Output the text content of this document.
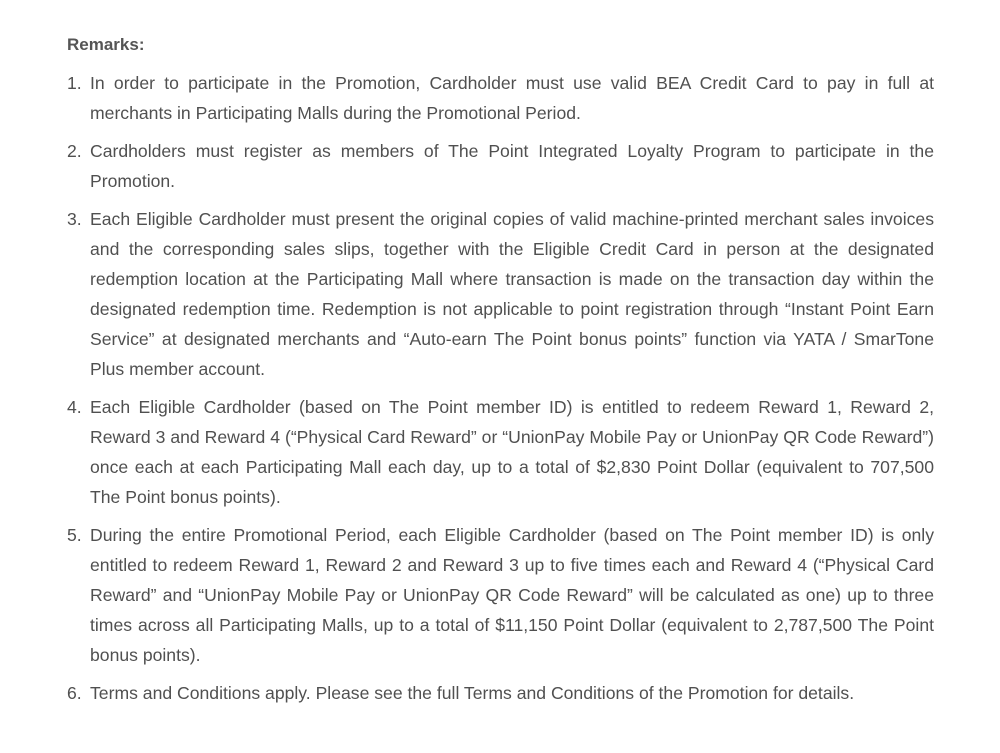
Remarks:

1. In order to participate in the Promotion, Cardholder must use valid BEA Credit Card to pay in full at merchants in Participating Malls during the Promotional Period.
2. Cardholders must register as members of The Point Integrated Loyalty Program to participate in the Promotion.
3. Each Eligible Cardholder must present the original copies of valid machine-printed merchant sales invoices and the corresponding sales slips, together with the Eligible Credit Card in person at the designated redemption location at the Participating Mall where transaction is made on the transaction day within the designated redemption time. Redemption is not applicable to point registration through “Instant Point Earn Service” at designated merchants and “Auto-earn The Point bonus points” function via YATA / SmarTone Plus member account.
4. Each Eligible Cardholder (based on The Point member ID) is entitled to redeem Reward 1, Reward 2, Reward 3 and Reward 4 (“Physical Card Reward” or “UnionPay Mobile Pay or UnionPay QR Code Reward”) once each at each Participating Mall each day, up to a total of $2,830 Point Dollar (equivalent to 707,500 The Point bonus points).
5. During the entire Promotional Period, each Eligible Cardholder (based on The Point member ID) is only entitled to redeem Reward 1, Reward 2 and Reward 3 up to five times each and Reward 4 (“Physical Card Reward” and “UnionPay Mobile Pay or UnionPay QR Code Reward” will be calculated as one) up to three times across all Participating Malls, up to a total of $11,150 Point Dollar (equivalent to 2,787,500 The Point bonus points).
6. Terms and Conditions apply. Please see the full Terms and Conditions of the Promotion for details.
